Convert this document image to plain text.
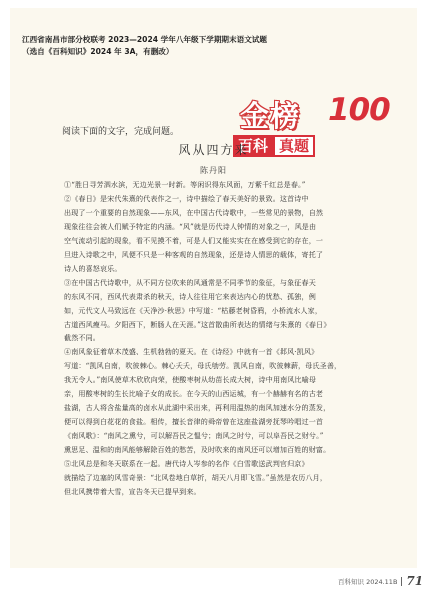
江西省南昌市部分校联考 2023—2024 学年八年级下学期期末语文试题
（选自《百科知识》2024 年 3A，有删改）
金榜 100
百科 真题
阅读下面的文字，完成问题。
风从四方来
陈丹阳

①“胜日寻芳泗水滨，无边光景一时新。等闲识得东风面，万紫千红总是春。”

②《春日》是宋代朱熹的代表作之一，诗中描绘了春天美好的景致。这首诗中

出现了一个重要的自然现象——东风，在中国古代诗歌中，一些常见的景物，自然

现象往往会被人们赋予特定的内涵。“风”就是历代诗人钟情的对象之一，风是由

空气流动引起的现象，看不见摸不着，可是人们又能实实在在感受到它的存在，一

旦进入诗歌之中，风便不只是一种客观的自然现象，还是诗人情思的载体，寄托了

诗人的喜怒哀乐。

③在中国古代诗歌中，从不同方位吹来的风通常是不同季节的象征，与象征春天

的东风不同，西风代表肃杀的秋天，诗人往往用它来表达内心的忧愁、孤独，例

如，元代文人马致远在《天净沙·秋思》中写道：“枯藤老树昏鸦，小桥流水人家，

古道西风瘦马。夕阳西下，断肠人在天涯。”这首散曲所表达的情绪与朱熹的《春日》

截然不同。

④南风象征着草木茂盛、生机勃勃的夏天。在《诗经》中就有一首《邶风·凯风》

写道：“凯风自南，吹彼棘心。棘心夭夭，母氏劬劳。凯风自南，吹彼棘薪，母氏圣善，

我无令人。”南风使草木欣欣向荣，使酸枣树从幼苗长成大树，诗中用南风比喻母

亲，用酸枣树的生长比喻子女的成长。在今天的山西运城，有一个赫赫有名的古老

盐湖，古人将含盐量高的卤水从此湖中采出来，再利用温热的南风加速水分的蒸发，

便可以得到白花花的食盐。相传，擅长音律的舜帝曾在这座盐湖旁抚琴吟唱过一首

《南风歌》：“南风之熏兮，可以解吾民之愠兮；南风之时兮，可以阜吾民之财兮。”

熏思足、温和的南风能够解除百姓的愁苦，及时吹来的南风还可以增加百姓的财富。

⑤北风总是和冬天联系在一起。唐代诗人岑参的名作《白雪歌送武判官归京》

就描绘了边塞的风雪奇景：“北风卷地白草折，胡天八月即飞雪。”虽然是农历八月，

但北风携带着大雪，宣告冬天已提早到来。

百科知识 2024.11B 71
